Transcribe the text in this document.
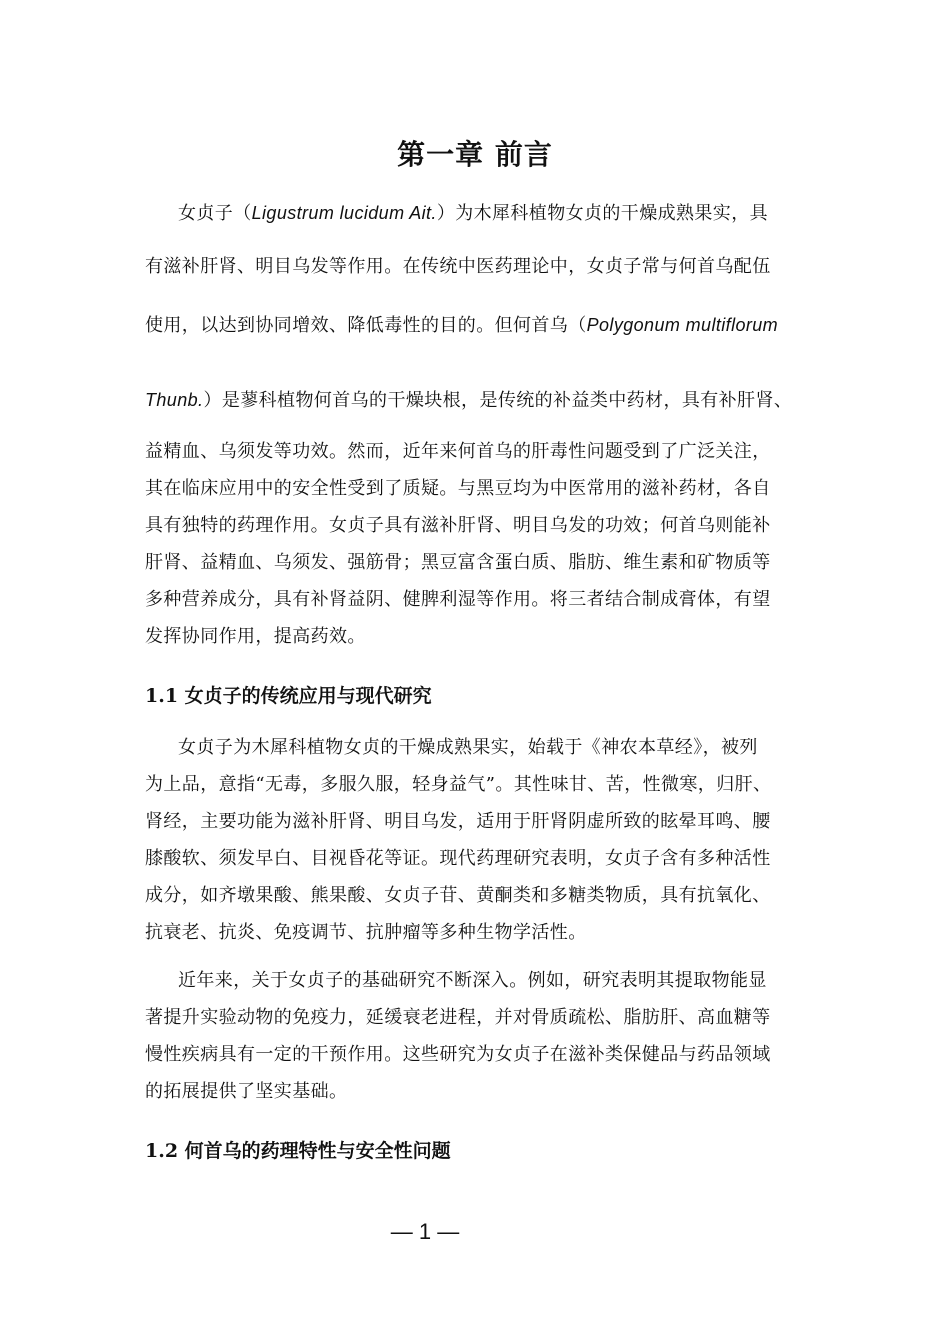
第一章 前言
女贞子（Ligustrum lucidum Ait.）为木犀科植物女贞的干燥成熟果实，具
有滋补肝肾、明目乌发等作用。在传统中医药理论中，女贞子常与何首乌配伍
使用，以达到协同增效、降低毒性的目的。但何首乌（Polygonum multiflorum
Thunb.）是蓼科植物何首乌的干燥块根，是传统的补益类中药材，具有补肝肾、
益精血、乌须发等功效。然而，近年来何首乌的肝毒性问题受到了广泛关注，
其在临床应用中的安全性受到了质疑。与黑豆均为中医常用的滋补药材，各自
具有独特的药理作用。女贞子具有滋补肝肾、明目乌发的功效；何首乌则能补
肝肾、益精血、乌须发、强筋骨；黑豆富含蛋白质、脂肪、维生素和矿物质等
多种营养成分，具有补肾益阴、健脾利湿等作用。将三者结合制成膏体，有望
发挥协同作用，提高药效。
1.1 女贞子的传统应用与现代研究
女贞子为木犀科植物女贞的干燥成熟果实，始载于《神农本草经》，被列
为上品，意指“无毒，多服久服，轻身益气”。其性味甘、苦，性微寒，归肝、
肾经，主要功能为滋补肝肾、明目乌发，适用于肝肾阴虚所致的眩晕耳鸣、腰
膝酸软、须发早白、目视昏花等证。现代药理研究表明，女贞子含有多种活性
成分，如齐墩果酸、熊果酸、女贞子苷、黄酮类和多糖类物质，具有抗氧化、
抗衰老、抗炎、免疫调节、抗肿瘤等多种生物学活性。
近年来，关于女贞子的基础研究不断深入。例如，研究表明其提取物能显
著提升实验动物的免疫力，延缓衰老进程，并对骨质疏松、脂肪肝、高血糖等
慢性疾病具有一定的干预作用。这些研究为女贞子在滋补类保健品与药品领域
的拓展提供了坚实基础。
1.2 何首乌的药理特性与安全性问题
— 1 —
